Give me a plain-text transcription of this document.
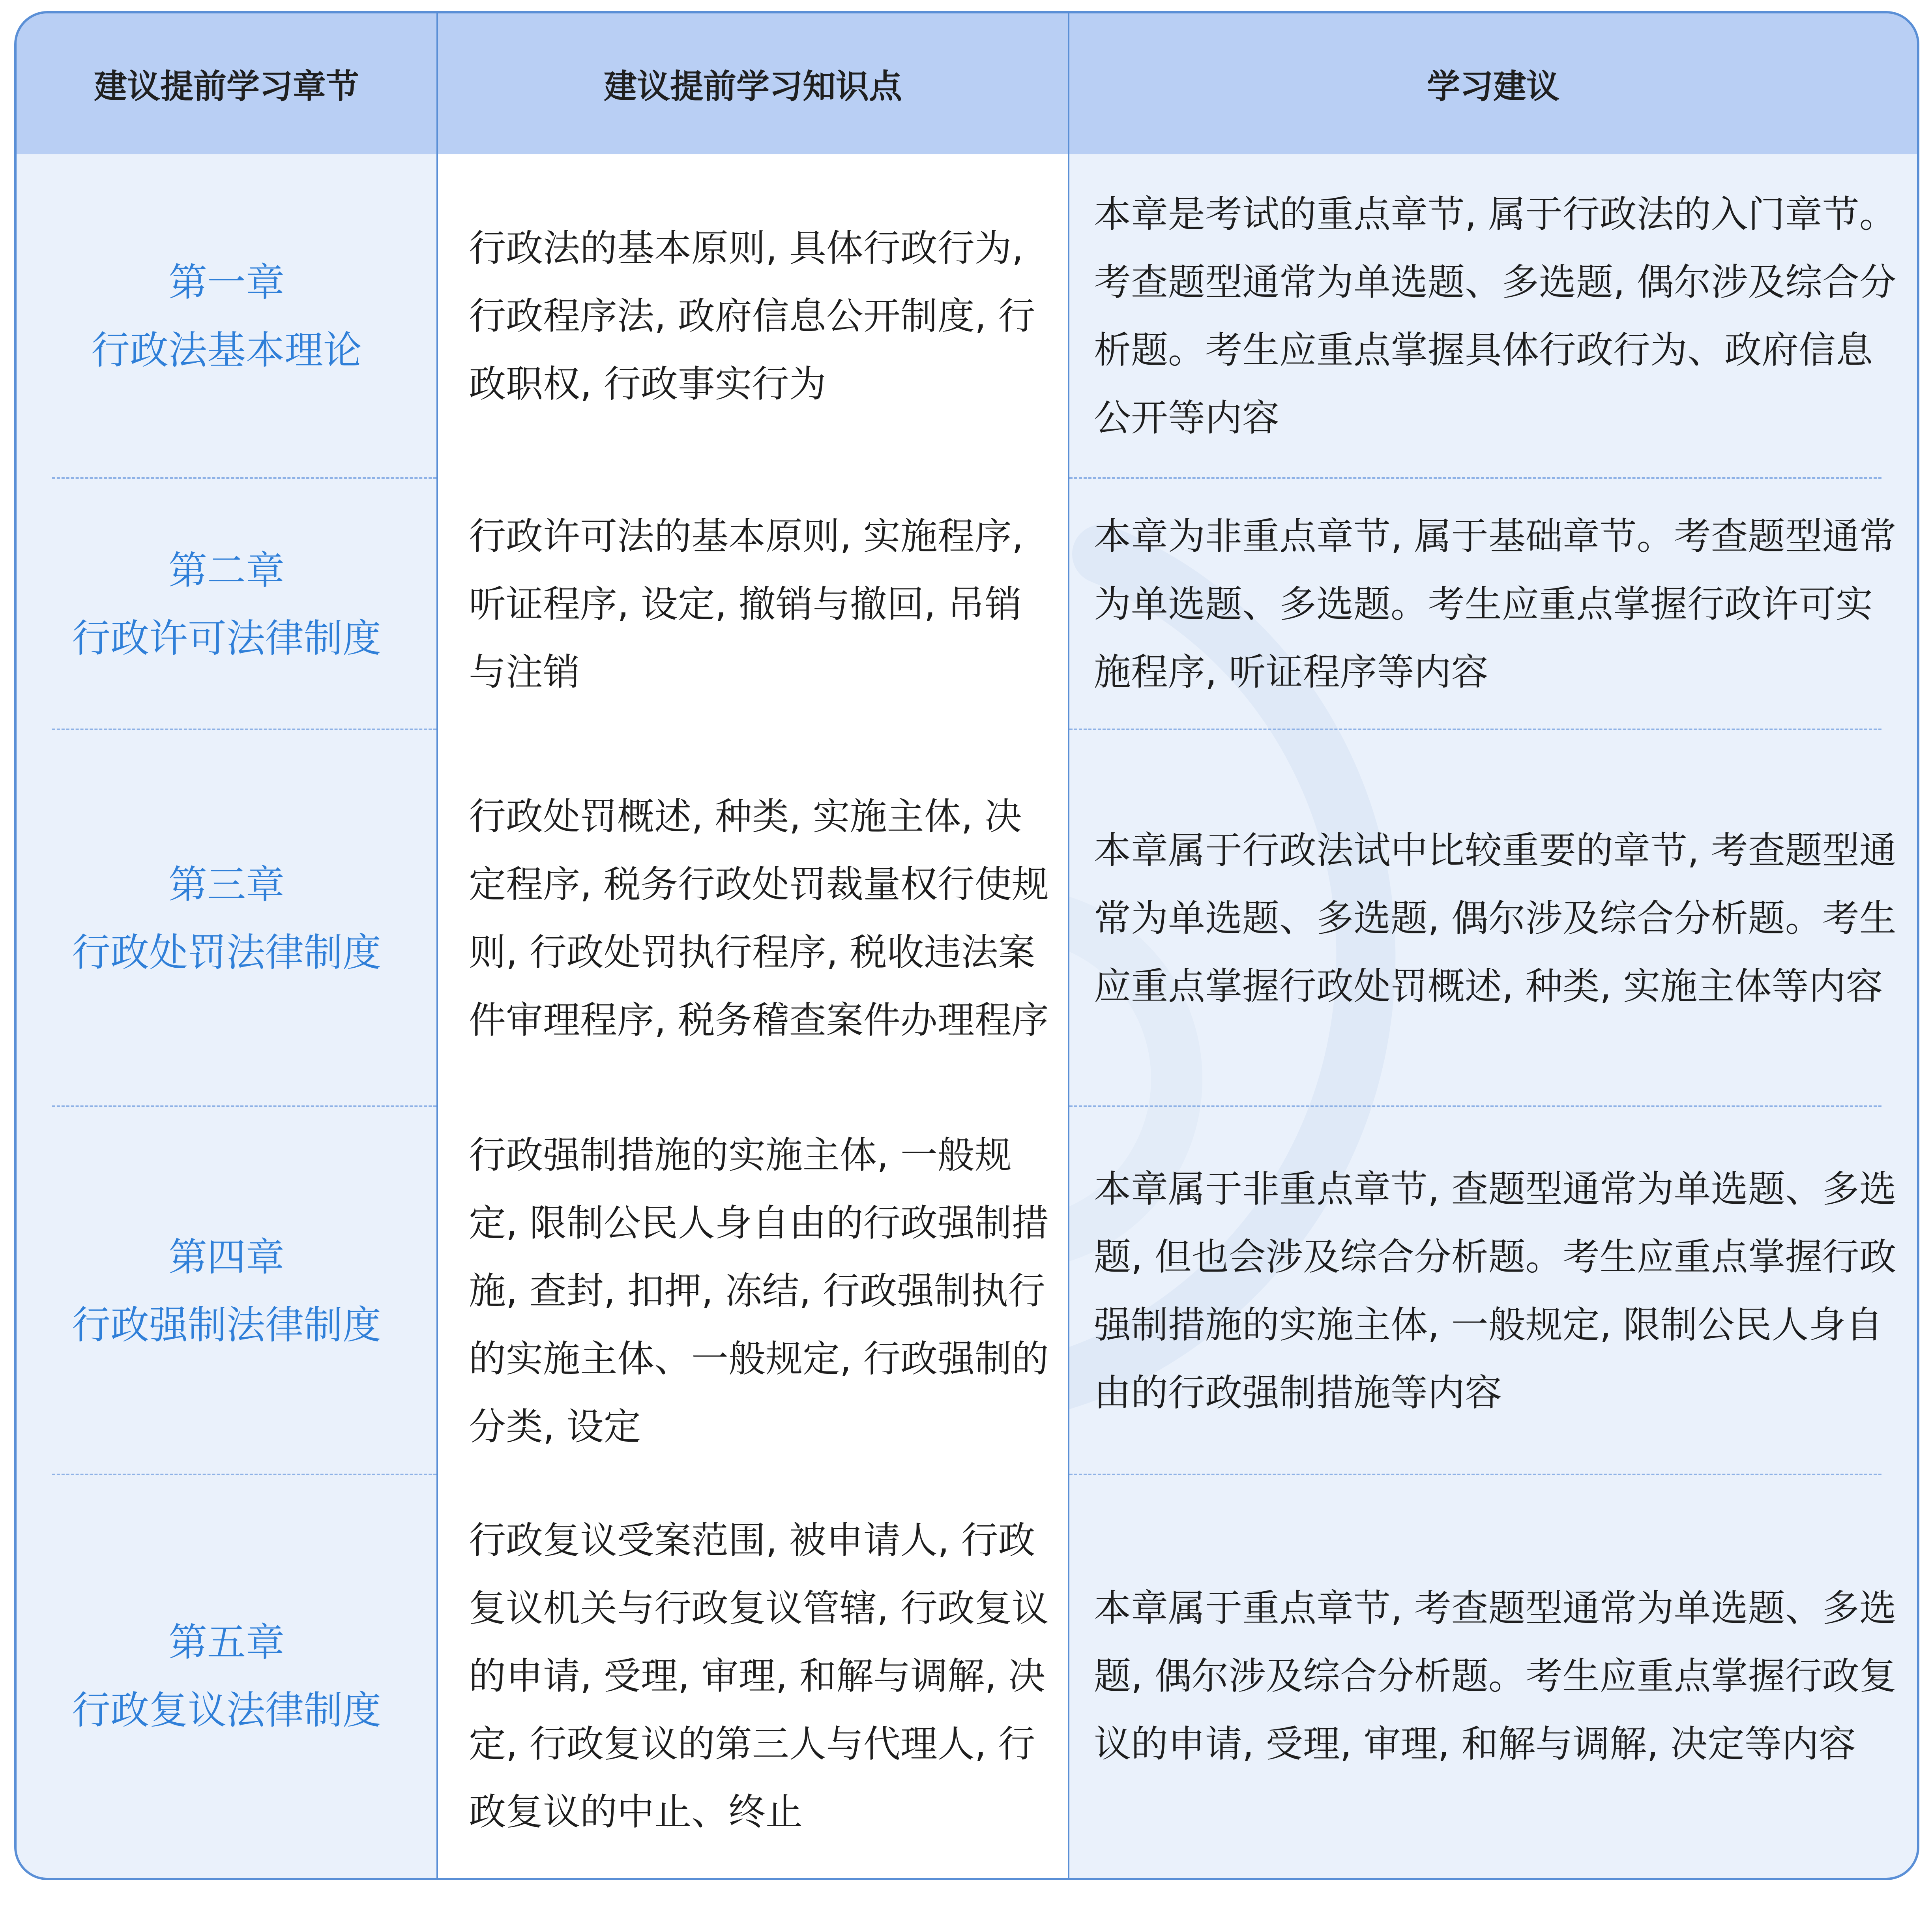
建议提前学习章节	建议提前学习知识点	学习建议
第一章
行政法基本理论
行政法的基本原则, 具体行政行为, 行政程序法, 政府信息公开制度, 行政职权, 行政事实行为
本章是考试的重点章节, 属于行政法的入门章节。考查题型通常为单选题、多选题, 偶尔涉及综合分析题。考生应重点掌握具体行政行为、政府信息公开等内容
第二章
行政许可法律制度
行政许可法的基本原则, 实施程序, 听证程序, 设定, 撤销与撤回, 吊销与注销
本章为非重点章节, 属于基础章节。考查题型通常为单选题、多选题。考生应重点掌握行政许可实施程序, 听证程序等内容
第三章
行政处罚法律制度
行政处罚概述, 种类, 实施主体, 决定程序, 税务行政处罚裁量权行使规则, 行政处罚执行程序, 税收违法案件审理程序, 税务稽查案件办理程序
本章属于行政法试中比较重要的章节, 考查题型通常为单选题、多选题, 偶尔涉及综合分析题。考生应重点掌握行政处罚概述, 种类, 实施主体等内容
第四章
行政强制法律制度
行政强制措施的实施主体, 一般规定, 限制公民人身自由的行政强制措施, 查封, 扣押, 冻结, 行政强制执行的实施主体、一般规定, 行政强制的分类, 设定
本章属于非重点章节, 查题型通常为单选题、多选题, 但也会涉及综合分析题。考生应重点掌握行政强制措施的实施主体, 一般规定, 限制公民人身自由的行政强制措施等内容
第五章
行政复议法律制度
行政复议受案范围, 被申请人, 行政复议机关与行政复议管辖, 行政复议的申请, 受理, 审理, 和解与调解, 决定, 行政复议的第三人与代理人, 行政复议的中止、终止
本章属于重点章节, 考查题型通常为单选题、多选题, 偶尔涉及综合分析题。考生应重点掌握行政复议的申请, 受理, 审理, 和解与调解, 决定等内容
